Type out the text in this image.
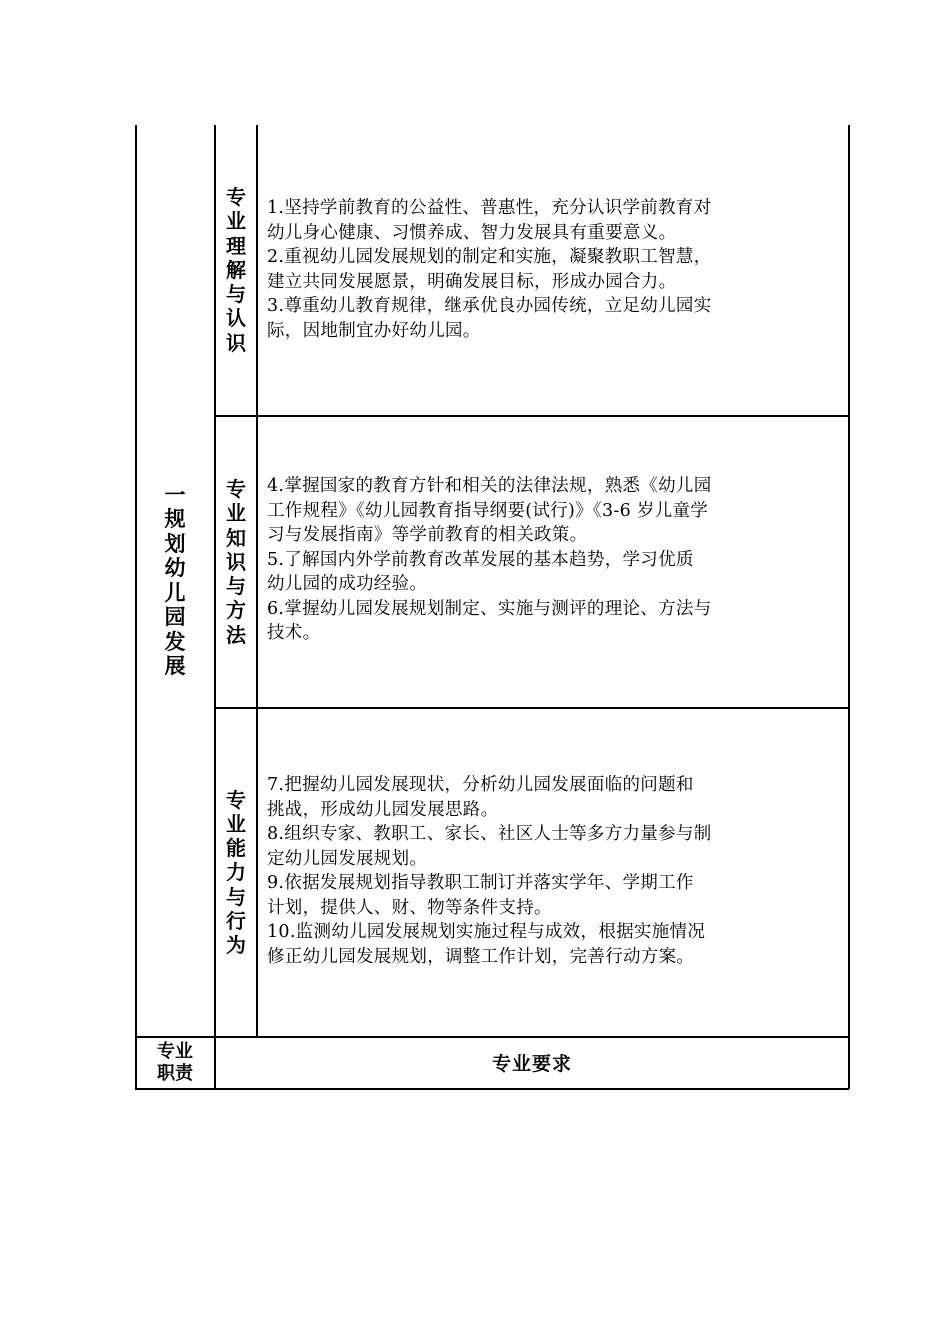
一
规
划
幼
儿
园
发
展
专
业
理
解
与
认
识
1.坚持学前教育的公益性、普惠性，充分认识学前教育对
幼儿身心健康、习惯养成、智力发展具有重要意义。
2.重视幼儿园发展规划的制定和实施，凝聚教职工智慧，
建立共同发展愿景，明确发展目标，形成办园合力。
3.尊重幼儿教育规律，继承优良办园传统，立足幼儿园实
际，因地制宜办好幼儿园。
专
业
知
识
与
方
法
4.掌握国家的教育方针和相关的法律法规，熟悉《幼儿园
工作规程》《幼儿园教育指导纲要(试行)》《3-6 岁儿童学
习与发展指南》等学前教育的相关政策。
5.了解国内外学前教育改革发展的基本趋势，学习优质
幼儿园的成功经验。
6.掌握幼儿园发展规划制定、实施与测评的理论、方法与
技术。
专
业
能
力
与
行
为
7.把握幼儿园发展现状，分析幼儿园发展面临的问题和
挑战，形成幼儿园发展思路。
8.组织专家、教职工、家长、社区人士等多方力量参与制
定幼儿园发展规划。
9.依据发展规划指导教职工制订并落实学年、学期工作
计划，提供人、财、物等条件支持。
10.监测幼儿园发展规划实施过程与成效，根据实施情况
修正幼儿园发展规划，调整工作计划，完善行动方案。
专业
职责	专业要求
